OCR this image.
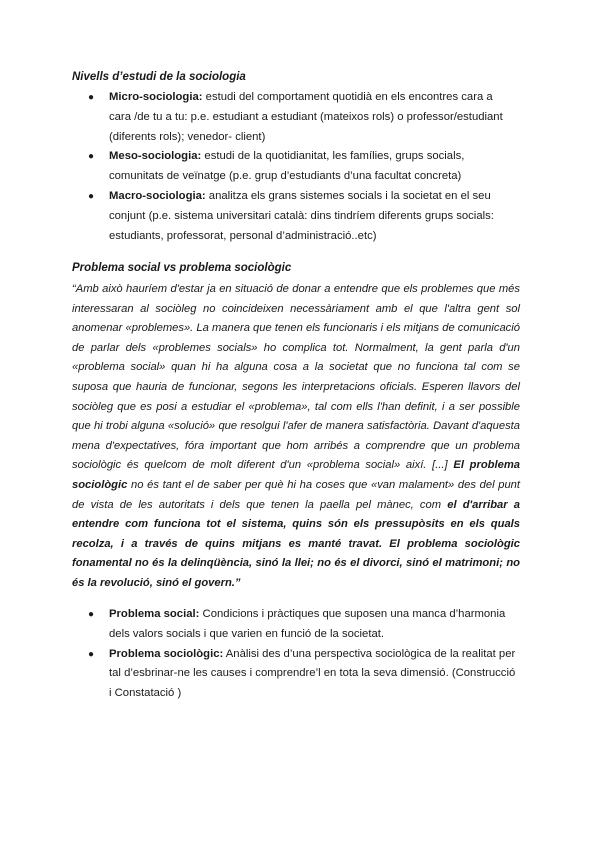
Nivells d’estudi de la sociologia

● Micro-sociologia: estudi del comportament quotidià en els encontres cara a cara /de tu a tu: p.e. estudiant a estudiant (mateixos rols) o professor/estudiant (diferents rols); venedor- client)
● Meso-sociologia: estudi de la quotidianitat, les famílies, grups socials, comunitats de veïnatge (p.e. grup d’estudiants d’una facultat concreta)
● Macro-sociologia: analitza els grans sistemes socials i la societat en el seu conjunt (p.e. sistema universitari català: dins tindríem diferents grups socials: estudiants, professorat, personal d’administració..etc)

Problema social vs problema sociològic

“Amb això hauríem d'estar ja en situació de donar a entendre que els problemes que més interessaran al sociòleg no coincideixen necessàriament amb el que l'altra gent sol anomenar «problemes». La manera que tenen els funcionaris i els mitjans de comunicació de parlar dels «problemes socials» ho complica tot. Normalment, la gent parla d'un «problema social» quan hi ha alguna cosa a la societat que no funciona tal com se suposa que hauria de funcionar, segons les interpretacions oficials. Esperen llavors del sociòleg que es posi a estudiar el «problema», tal com ells l'han definit, i a ser possible que hi trobi alguna «solució» que resolgui l'afer de manera satisfactòria. Davant d'aquesta mena d'expectatives, fóra important que hom arribés a comprendre que un problema sociològic és quelcom de molt diferent d'un «problema social» així. [...] El problema sociològic no és tant el de saber per què hi ha coses que «van malament» des del punt de vista de les autoritats i dels que tenen la paella pel mànec, com el d'arribar a entendre com funciona tot el sistema, quins són els pressupòsits en els quals recolza, i a través de quins mitjans es manté travat. El problema sociològic fonamental no és la delinqüència, sinó la llei; no és el divorci, sinó el matrimoni; no és la revolució, sinó el govern.”

● Problema social: Condicions i pràctiques que suposen una manca d’harmonia dels valors socials i que varien en funció de la societat.
● Problema sociològic: Anàlisi des d’una perspectiva sociològica de la realitat per tal d’esbrinar-ne les causes i comprendre’l en tota la seva dimensió. (Construcció i Constatació )
